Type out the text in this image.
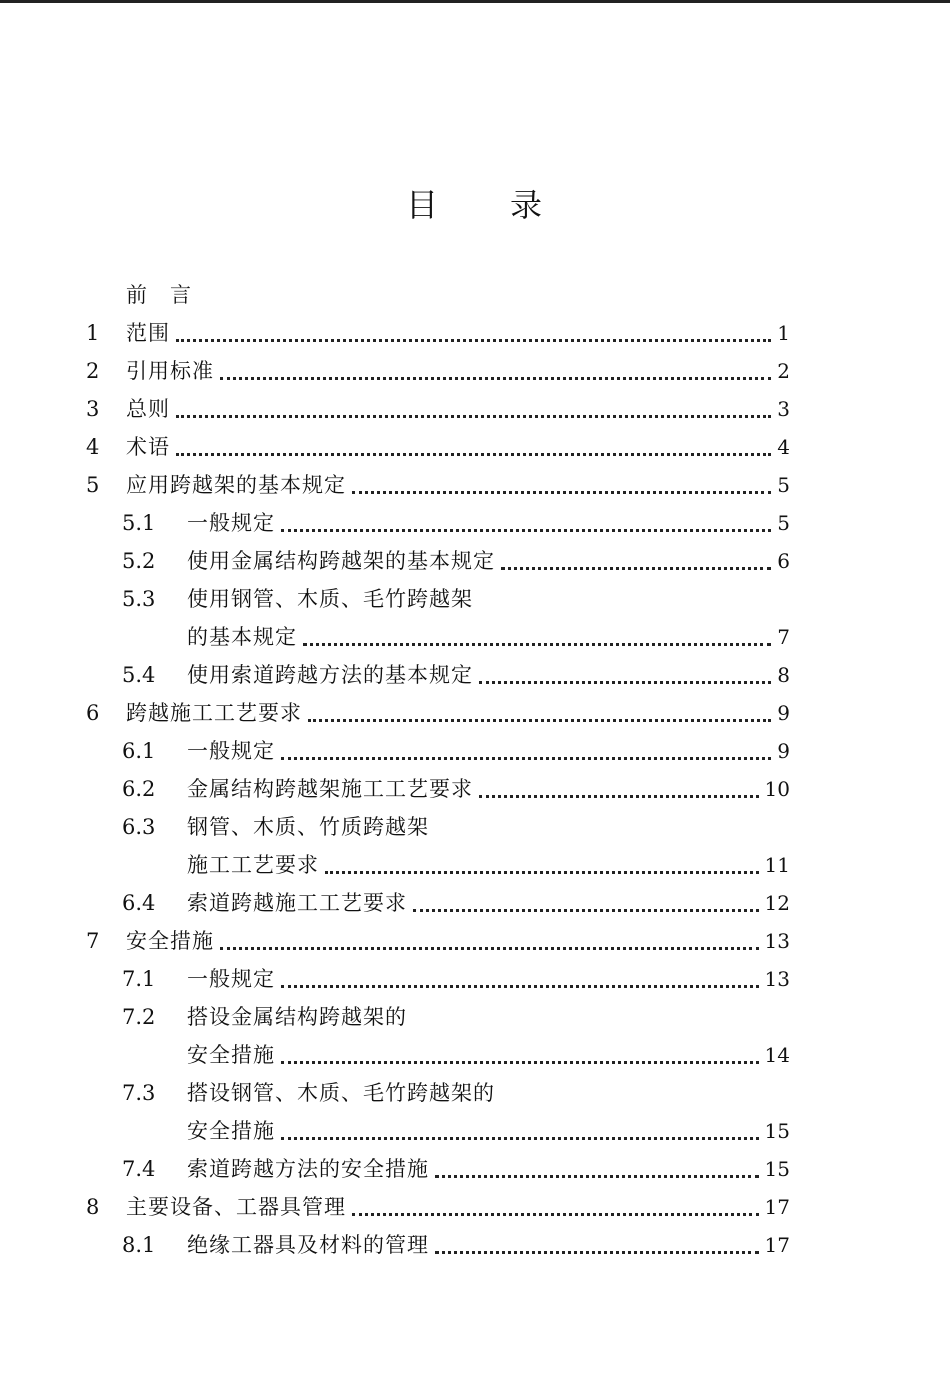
目 录
前　言
1	范围	1
2	引用标准	2
3	总则	3
4	术语	4
5	应用跨越架的基本规定	5
5.1	一般规定	5
5.2	使用金属结构跨越架的基本规定	6
5.3	使用钢管、木质、毛竹跨越架
的基本规定	7
5.4	使用索道跨越方法的基本规定	8
6	跨越施工工艺要求	9
6.1	一般规定	9
6.2	金属结构跨越架施工工艺要求	10
6.3	钢管、木质、竹质跨越架
施工工艺要求	11
6.4	索道跨越施工工艺要求	12
7	安全措施	13
7.1	一般规定	13
7.2	搭设金属结构跨越架的
安全措施	14
7.3	搭设钢管、木质、毛竹跨越架的
安全措施	15
7.4	索道跨越方法的安全措施	15
8	主要设备、工器具管理	17
8.1	绝缘工器具及材料的管理	17
